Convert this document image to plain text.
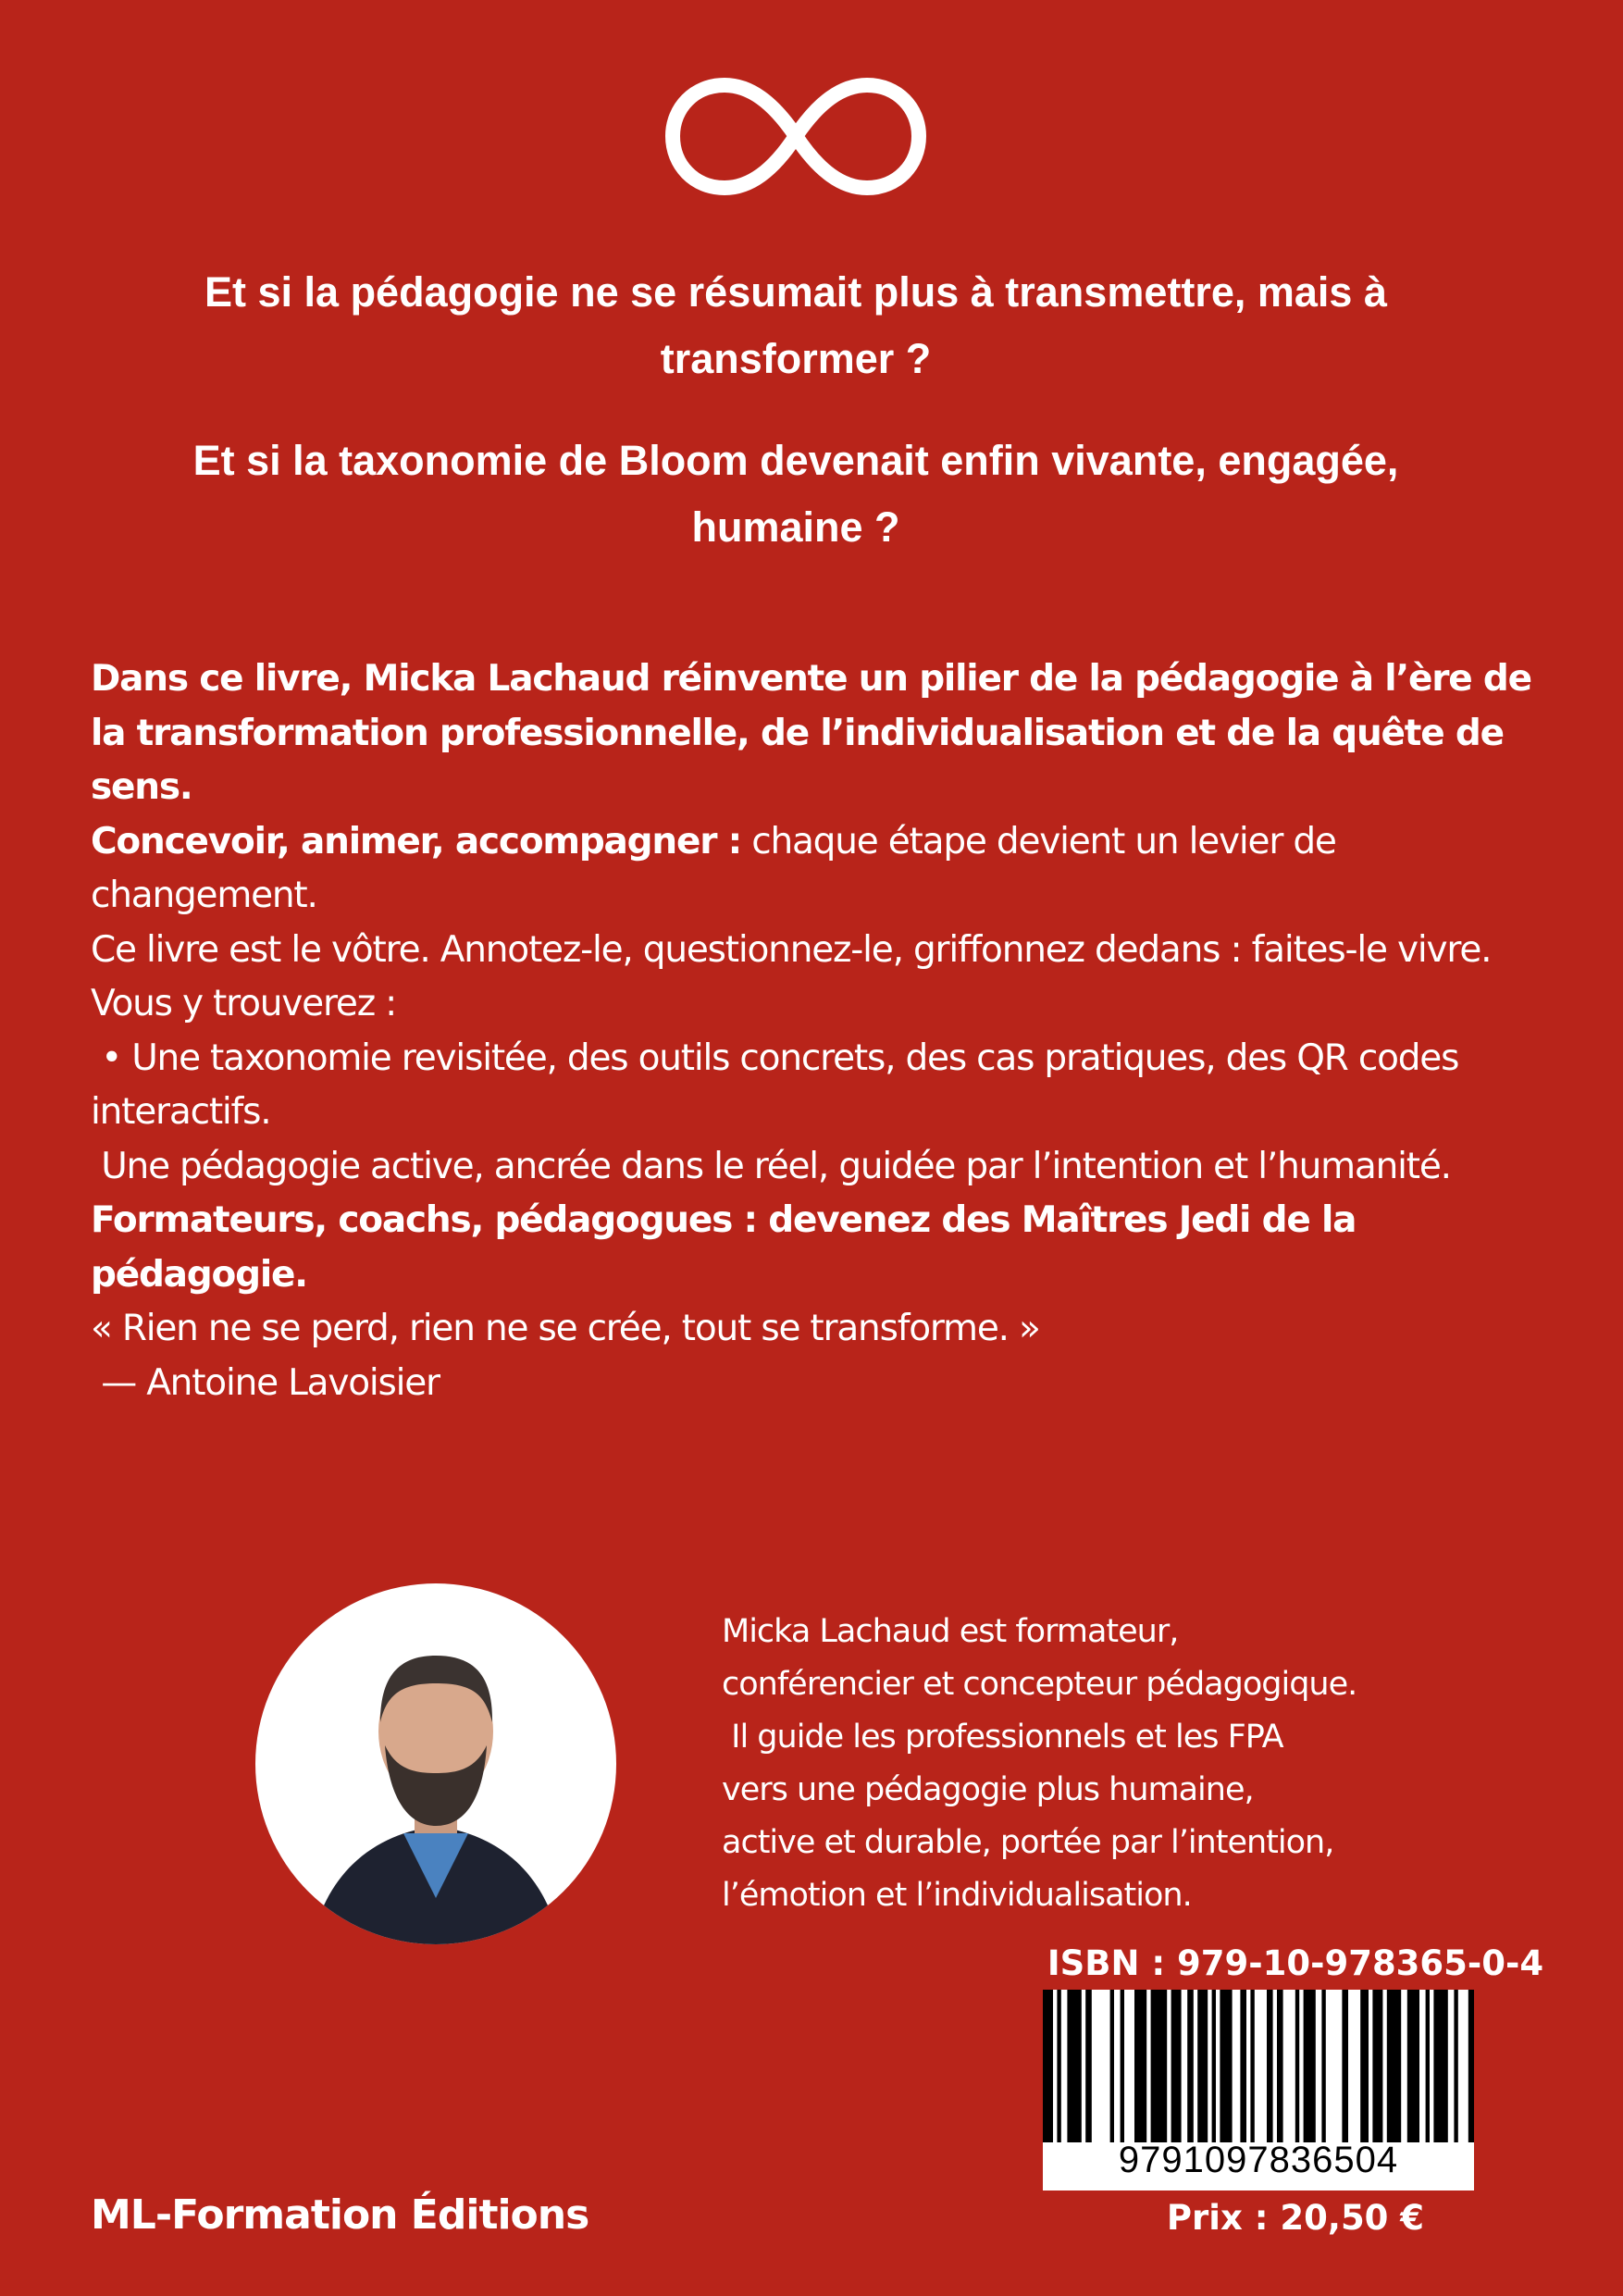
Et si la pédagogie ne se résumait plus à transmettre, mais à
transformer ?
Et si la taxonomie de Bloom devenait enfin vivante, engagée,
humaine ?

Dans ce livre, Micka Lachaud réinvente un pilier de la pédagogie à l’ère de la transformation professionnelle, de l’individualisation et de la quête de sens.

Concevoir, animer, accompagner : chaque étape devient un levier de changement.

Ce livre est le vôtre. Annotez-le, questionnez-le, griffonnez dedans : faites-le vivre.

Vous y trouverez :

• Une taxonomie revisitée, des outils concrets, des cas pratiques, des QR codes interactifs.

Une pédagogie active, ancrée dans le réel, guidée par l’intention et l’humanité.

Formateurs, coachs, pédagogues : devenez des Maîtres Jedi de la pédagogie.

« Rien ne se perd, rien ne se crée, tout se transforme. »

— Antoine Lavoisier

Micka Lachaud est formateur,

conférencier et concepteur pédagogique.

Il guide les professionnels et les FPA

vers une pédagogie plus humaine,

active et durable, portée par l’intention,

l’émotion et l’individualisation.

ISBN : 979-10-978365-0-4
9791097836504
Prix : 20,50 €
ML-Formation Éditions
